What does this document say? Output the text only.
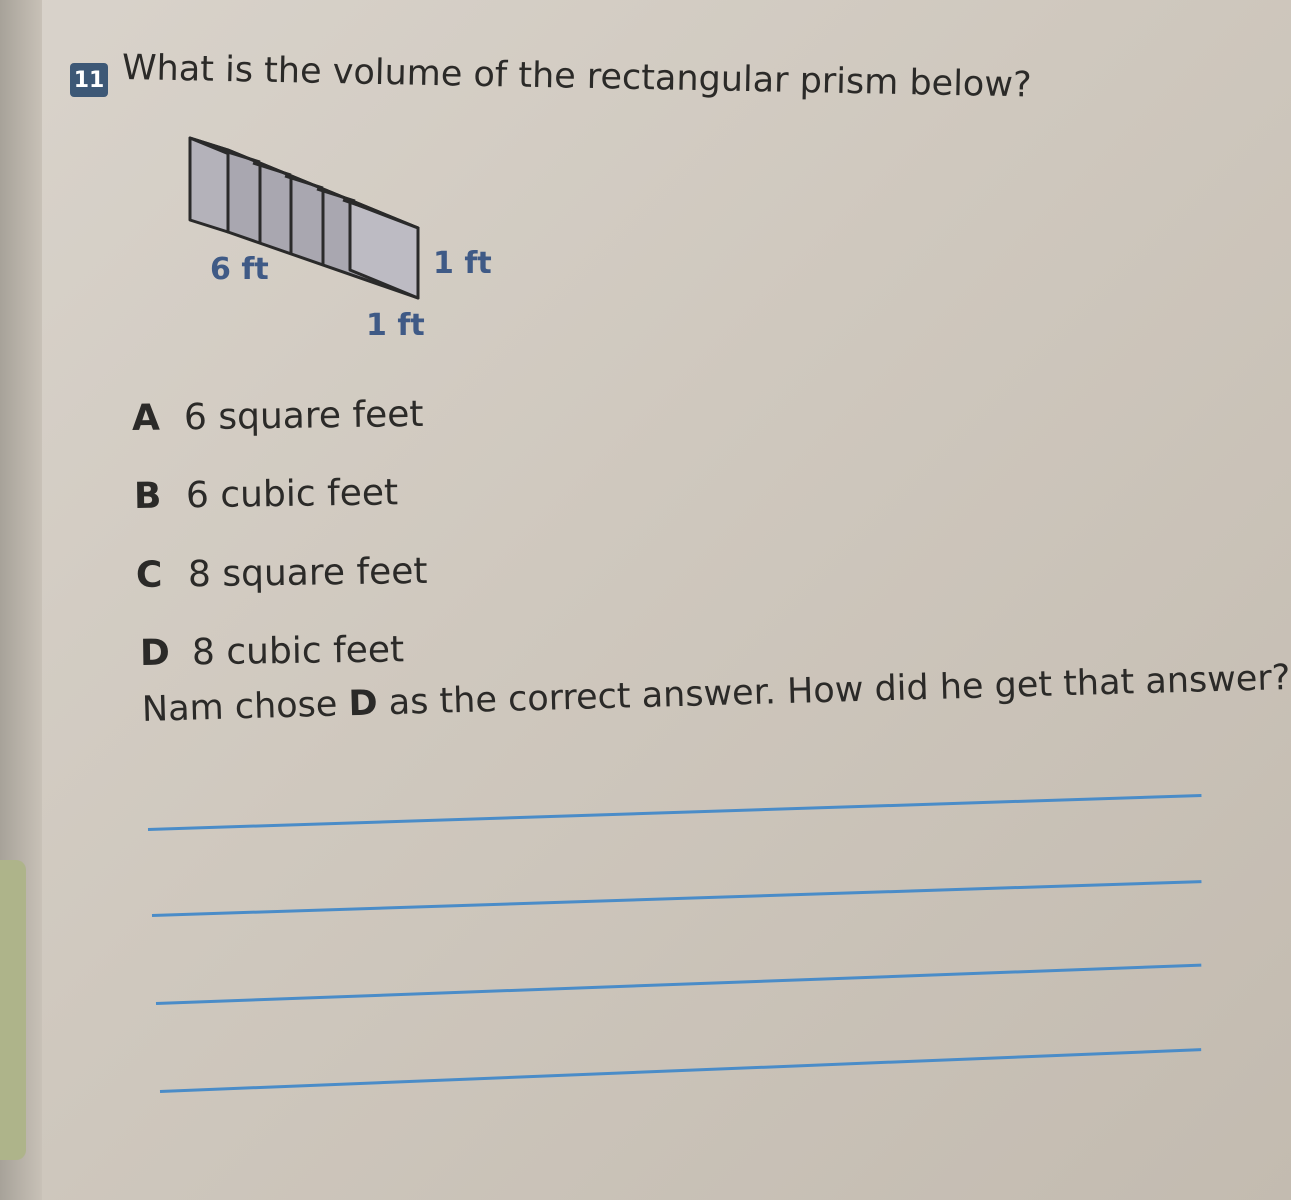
11 What is the volume of the rectangular prism below?
6 ft	1 ft
1 ft
A 6 square feet
B 6 cubic feet
C 8 square feet
D 8 cubic feet
Nam chose D as the correct answer. How did he get that answer?
